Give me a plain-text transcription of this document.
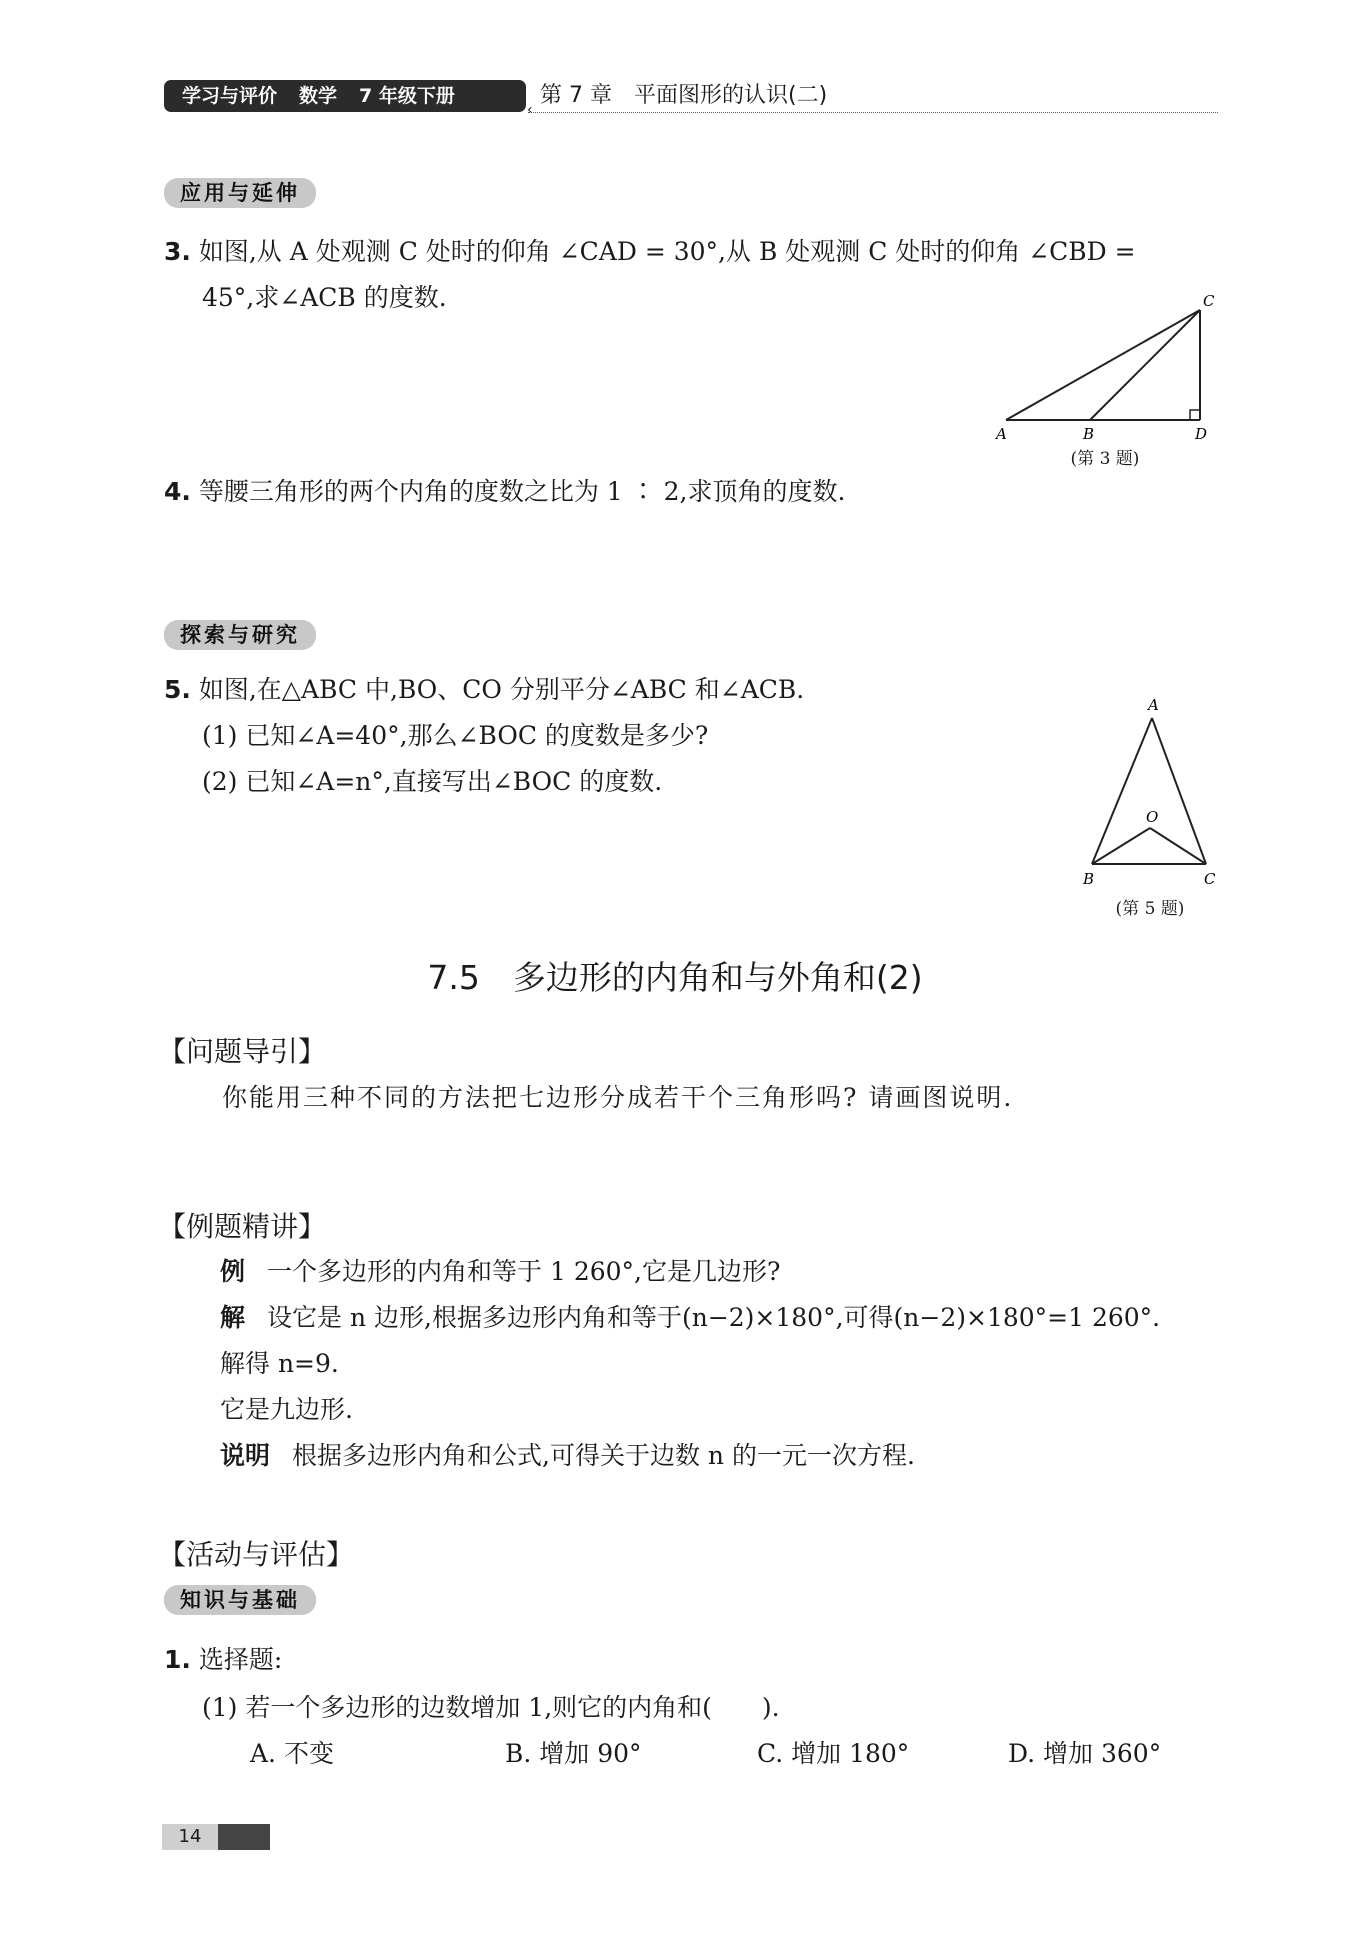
学习与评价 数学 7 年级下册	第 7 章　平面图形的认识(二)
‹
应用与延伸
3. 如图,从 A 处观测 C 处时的仰角 ∠CAD = 30°,从 B 处观测 C 处时的仰角 ∠CBD =
45°,求∠ACB 的度数.
A	B
C
D
(第 3 题)
4. 等腰三角形的两个内角的度数之比为 1 ∶ 2,求顶角的度数.
探索与研究
5. 如图,在△ABC 中,BO、CO 分别平分∠ABC 和∠ACB.
(1) 已知∠A=40°,那么∠BOC 的度数是多少?
(2) 已知∠A=n°,直接写出∠BOC 的度数.
A
O
B	C
(第 5 题)
7.5　多边形的内角和与外角和(2)
【问题导引】
你能用三种不同的方法把七边形分成若干个三角形吗? 请画图说明.
【例题精讲】
例 一个多边形的内角和等于 1 260°,它是几边形?
解 设它是 n 边形,根据多边形内角和等于(n−2)×180°,可得(n−2)×180°=1 260°.
解得 n=9.
它是九边形.
说明 根据多边形内角和公式,可得关于边数 n 的一元一次方程.
【活动与评估】
知识与基础
1. 选择题:
(1) 若一个多边形的边数增加 1,则它的内角和(　　).
A. 不变	B. 增加 90°	C. 增加 180°	D. 增加 360°
14
